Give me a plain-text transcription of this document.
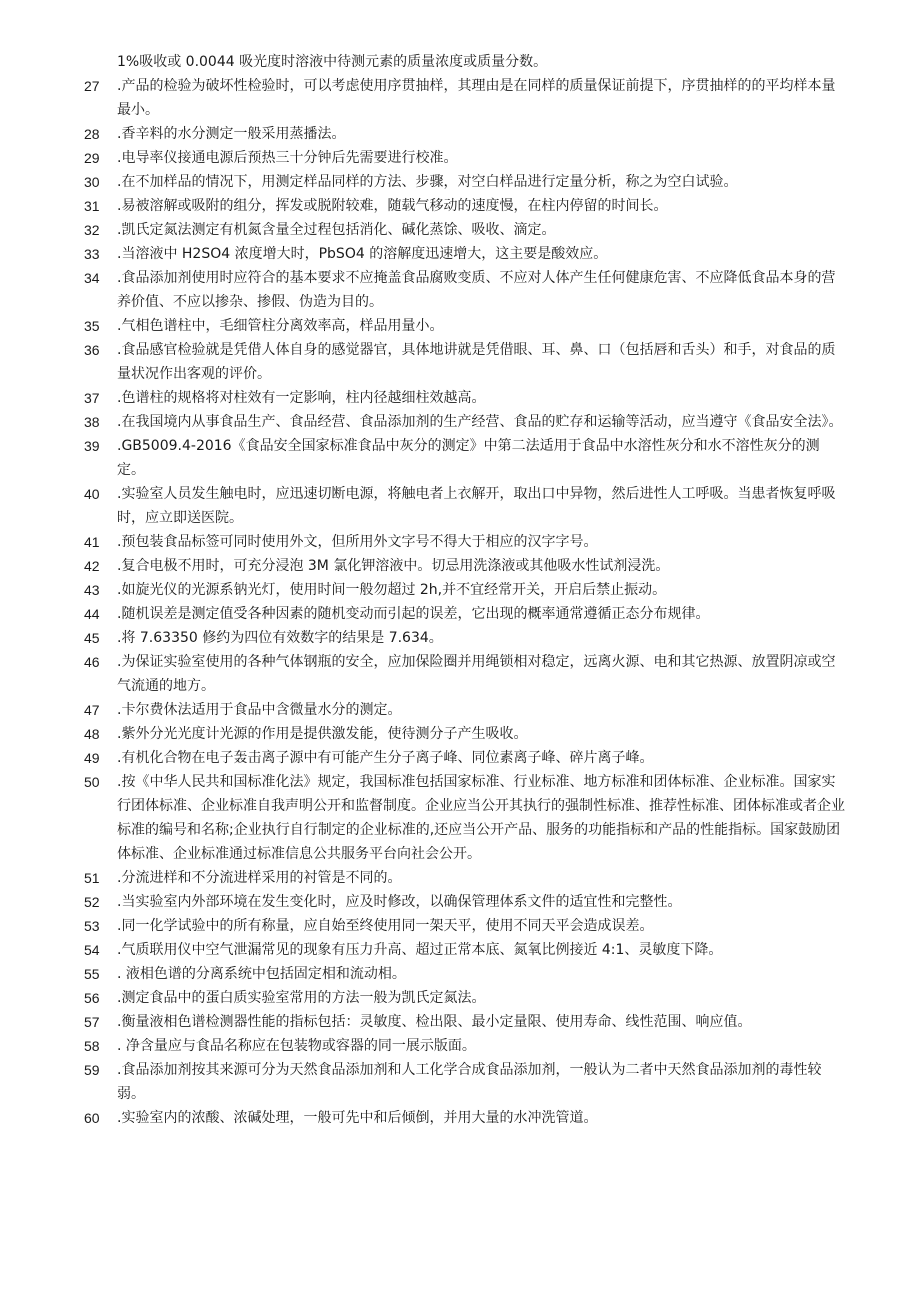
1%吸收或 0.0044 吸光度时溶液中待测元素的质量浓度或质量分数。
27	.产品的检验为破坏性检验时，可以考虑使用序贯抽样，其理由是在同样的质量保证前提下，序贯抽样的的平均样本量最小。
28	.香辛料的水分测定一般采用蒸播法。
29	.电导率仪接通电源后预热三十分钟后先需要进行校准。
30	.在不加样品的情况下，用测定样品同样的方法、步骤，对空白样品进行定量分析，称之为空白试验。
31	.易被溶解或吸附的组分，挥发或脱附较难，随载气移动的速度慢，在柱内停留的时间长。
32	.凯氏定氮法测定有机氮含量全过程包括消化、碱化蒸馀、吸收、滴定。
33	.当溶液中 H2SO4 浓度增大时，PbSO4 的溶解度迅速增大，这主要是酸效应。
34	.食品添加剂使用时应符合的基本要求不应掩盖食品腐败变质、不应对人体产生任何健康危害、不应降低食品本身的营养价值、不应以掺杂、掺假、伪造为目的。
35	.气相色谱柱中，毛细管柱分离效率高，样品用量小。
36	.食品感官检验就是凭借人体自身的感觉器官，具体地讲就是凭借眼、耳、鼻、口（包括唇和舌头）和手，对食品的质量状况作出客观的评价。
37	.色谱柱的规格将对柱效有一定影响，柱内径越细柱效越高。
38	.在我国境内从事食品生产、食品经营、食品添加剂的生产经营、食品的贮存和运输等活动，应当遵守《食品安全法》。
39	.GB5009.4-2016《食品安全国家标准食品中灰分的测定》中第二法适用于食品中水溶性灰分和水不溶性灰分的测定。
40	.实验室人员发生触电时，应迅速切断电源，将触电者上衣解开，取出口中异物，然后进性人工呼吸。当患者恢复呼吸时，应立即送医院。
41	.预包装食品标签可同时使用外文，但所用外文字号不得大于相应的汉字字号。
42	.复合电极不用时，可充分浸泡 3M 氯化钾溶液中。切忌用洗涤液或其他吸水性试剂浸洗。
43	.如旋光仪的光源系钠光灯，使用时间一般勿超过 2h,并不宜经常开关，开启后禁止振动。
44	.随机误差是测定值受各种因素的随机变动而引起的误差，它出现的概率通常遵循正态分布规律。
45	.将 7.63350 修约为四位有效数字的结果是 7.634。
46	.为保证实验室使用的各种气体钢瓶的安全，应加保险圈并用绳锁相对稳定，远离火源、电和其它热源、放置阴凉或空气流通的地方。
47	.卡尔费休法适用于食品中含微量水分的测定。
48	.紫外分光光度计光源的作用是提供激发能，使待测分子产生吸收。
49	.有机化合物在电子轰击离子源中有可能产生分子离子峰、同位素离子峰、碎片离子峰。
50	.按《中华人民共和国标准化法》规定，我国标准包括国家标准、行业标准、地方标准和团体标准、企业标准。国家实行团体标准、企业标准自我声明公开和监督制度。企业应当公开其执行的强制性标准、推荐性标准、团体标准或者企业标准的编号和名称;企业执行自行制定的企业标准的,还应当公开产品、服务的功能指标和产品的性能指标。国家鼓励团体标准、企业标准通过标准信息公共服务平台向社会公开。
51	.分流进样和不分流进样采用的衬管是不同的。
52	.当实验室内外部环境在发生变化时，应及时修改，以确保管理体系文件的适宜性和完整性。
53	.同一化学试验中的所有称量，应自始至终使用同一架天平，使用不同天平会造成误差。
54	.气质联用仪中空气泄漏常见的现象有压力升高、超过正常本底、氮氧比例接近 4:1、灵敏度下降。
55	. 液相色谱的分离系统中包括固定相和流动相。
56	.测定食品中的蛋白质实验室常用的方法一般为凯氏定氮法。
57	.衡量液相色谱检测器性能的指标包括：灵敏度、检出限、最小定量限、使用寿命、线性范围、响应值。
58	. 净含量应与食品名称应在包装物或容器的同一展示版面。
59	.食品添加剂按其来源可分为天然食品添加剂和人工化学合成食品添加剂，一般认为二者中天然食品添加剂的毒性较弱。
60	.实验室内的浓酸、浓碱处理，一般可先中和后倾倒，并用大量的水冲洗管道。
